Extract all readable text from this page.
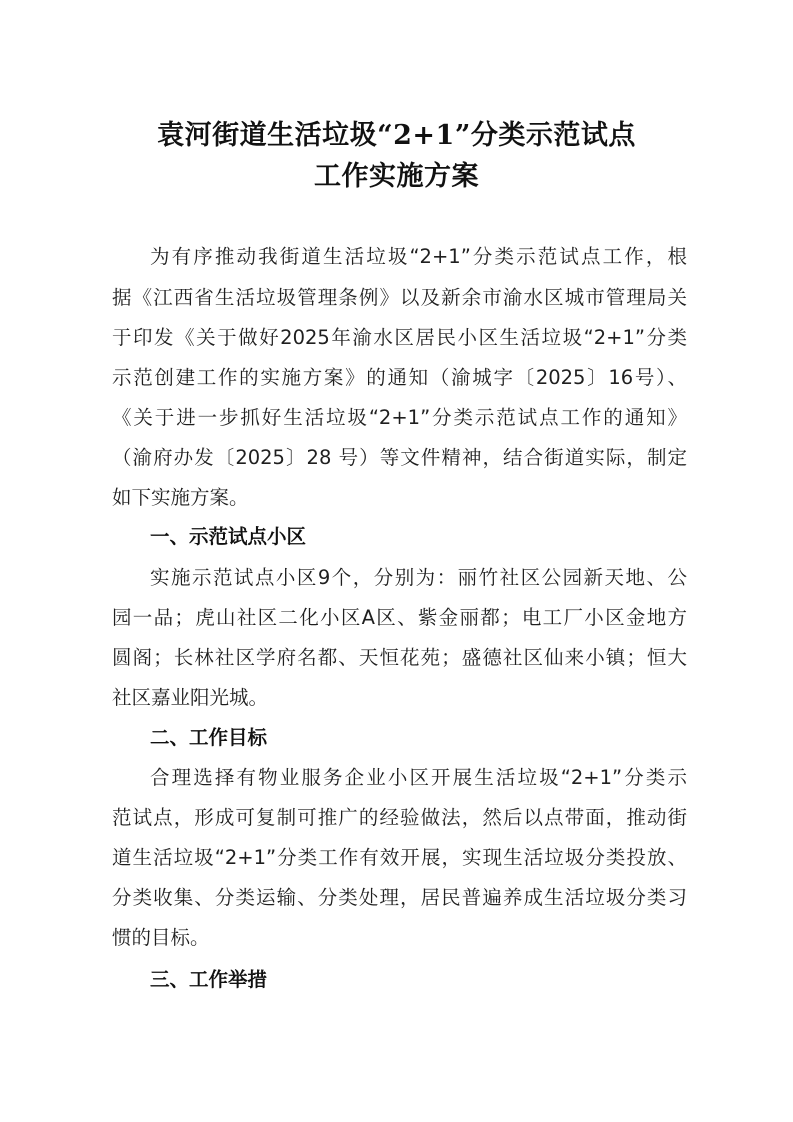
袁河街道生活垃圾“2+1”分类示范试点
工作实施方案
为有序推动我街道生活垃圾“2+1”分类示范试点工作，根
据《江西省生活垃圾管理条例》以及新余市渝水区城市管理局关
于印发《关于做好2025年渝水区居民小区生活垃圾“2+1”分类
示范创建工作的实施方案》的通知（渝城字〔2025〕16号）、
《关于进一步抓好生活垃圾“2+1”分类示范试点工作的通知》
（渝府办发〔2025〕28 号）等文件精神，结合街道实际，制定
如下实施方案。
一、示范试点小区
实施示范试点小区9个，分别为：丽竹社区公园新天地、公
园一品；虎山社区二化小区A区、紫金丽都；电工厂小区金地方
圆阁；长林社区学府名都、天恒花苑；盛德社区仙来小镇；恒大
社区嘉业阳光城。
二、工作目标
合理选择有物业服务企业小区开展生活垃圾“2+1”分类示
范试点，形成可复制可推广的经验做法，然后以点带面，推动街
道生活垃圾“2+1”分类工作有效开展，实现生活垃圾分类投放、
分类收集、分类运输、分类处理，居民普遍养成生活垃圾分类习
惯的目标。
三、工作举措
